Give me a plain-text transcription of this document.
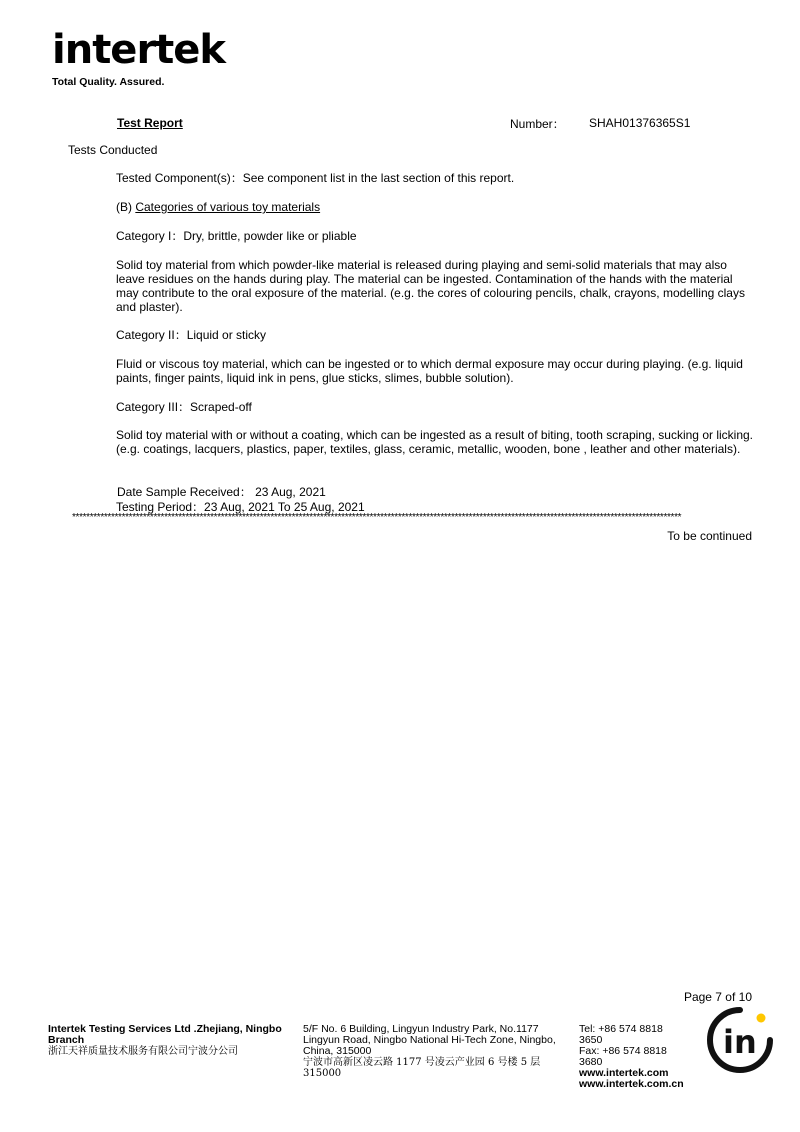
intertek
Total Quality. Assured.
Test Report	Number： SHAH01376365S1
Tests Conducted
Tested Component(s)：See component list in the last section of this report.
(B) Categories of various toy materials
Category I：Dry, brittle, powder like or pliable
Solid toy material from which powder-like material is released during playing and semi-solid materials that may also leave residues on the hands during play. The material can be ingested. Contamination of the hands with the material may contribute to the oral exposure of the material. (e.g. the cores of colouring pencils, chalk, crayons, modelling clays and plaster).
Category II：Liquid or sticky
Fluid or viscous toy material, which can be ingested or to which dermal exposure may occur during playing. (e.g. liquid paints, finger paints, liquid ink in pens, glue sticks, slimes, bubble solution).
Category III：Scraped-off
Solid toy material with or without a coating, which can be ingested as a result of biting, tooth scraping, sucking or licking. (e.g. coatings, lacquers, plastics, paper, textiles, glass, ceramic, metallic, wooden, bone , leather and other materials).
Date Sample Received： 23 Aug, 2021
Testing Period：23 Aug, 2021 To 25 Aug, 2021
****************************************************************************************************************************************************************************
To be continued
Page 7 of 10
Intertek Testing Services Ltd .Zhejiang, Ningbo
Branch
浙江天祥质量技术服务有限公司宁波分公司
5/F No. 6 Building, Lingyun Industry Park, No.1177
Lingyun Road, Ningbo National Hi-Tech Zone, Ningbo,
China, 315000
宁波市高新区凌云路 1177 号凌云产业园 6 号楼 5 层
315000
Tel: +86 574 8818
3650
Fax: +86 574 8818
3680
www.intertek.com
www.intertek.com.cn
in
